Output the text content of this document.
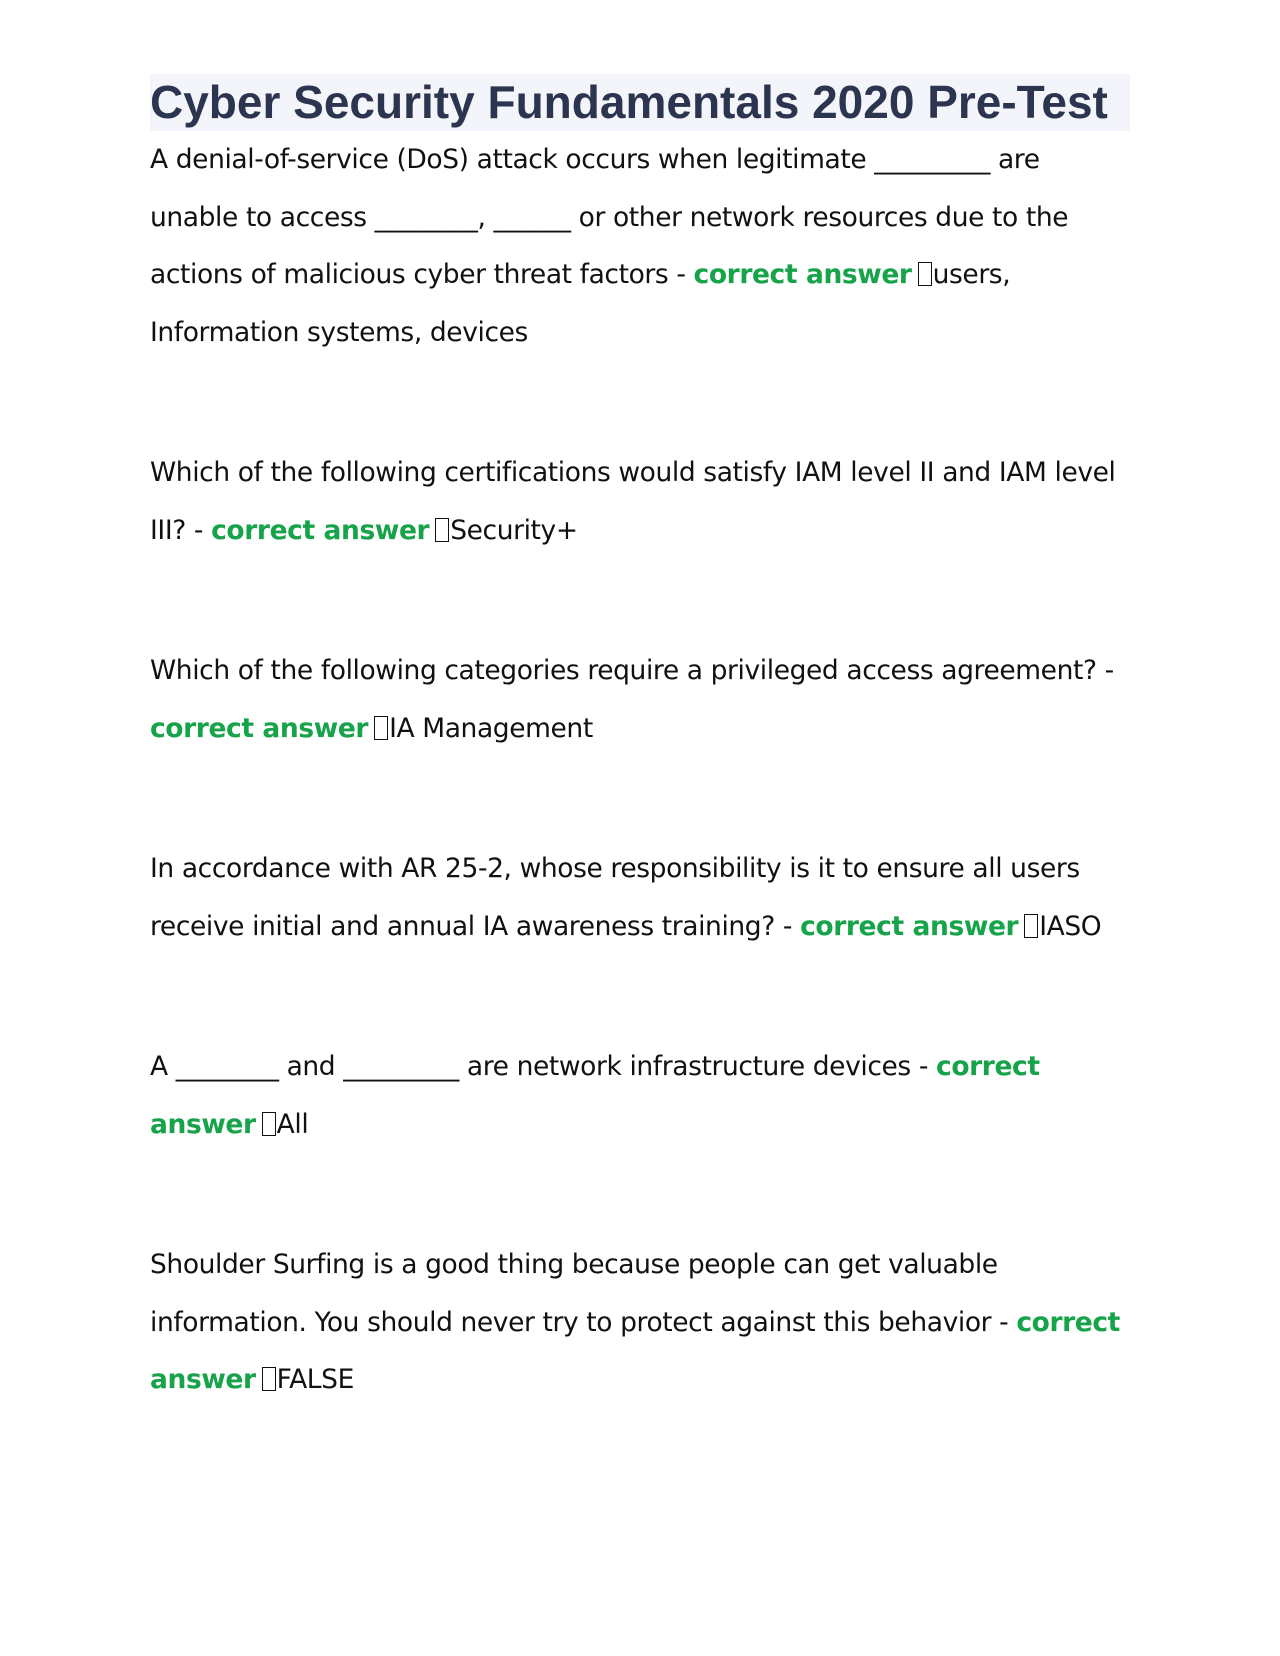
Cyber Security Fundamentals 2020 Pre-Test

A denial-of-service (DoS) attack occurs when legitimate _________ are unable to access ________, ______ or other network resources due to the actions of malicious cyber threat factors - correct answer users, Information systems, devices

Which of the following certifications would satisfy IAM level II and IAM level III? - correct answer Security+

Which of the following categories require a privileged access agreement? - correct answer IA Management

In accordance with AR 25-2, whose responsibility is it to ensure all users receive initial and annual IA awareness training? - correct answer IASO

A ________ and _________ are network infrastructure devices - correct answer All

Shoulder Surfing is a good thing because people can get valuable information. You should never try to protect against this behavior - correct answer FALSE
